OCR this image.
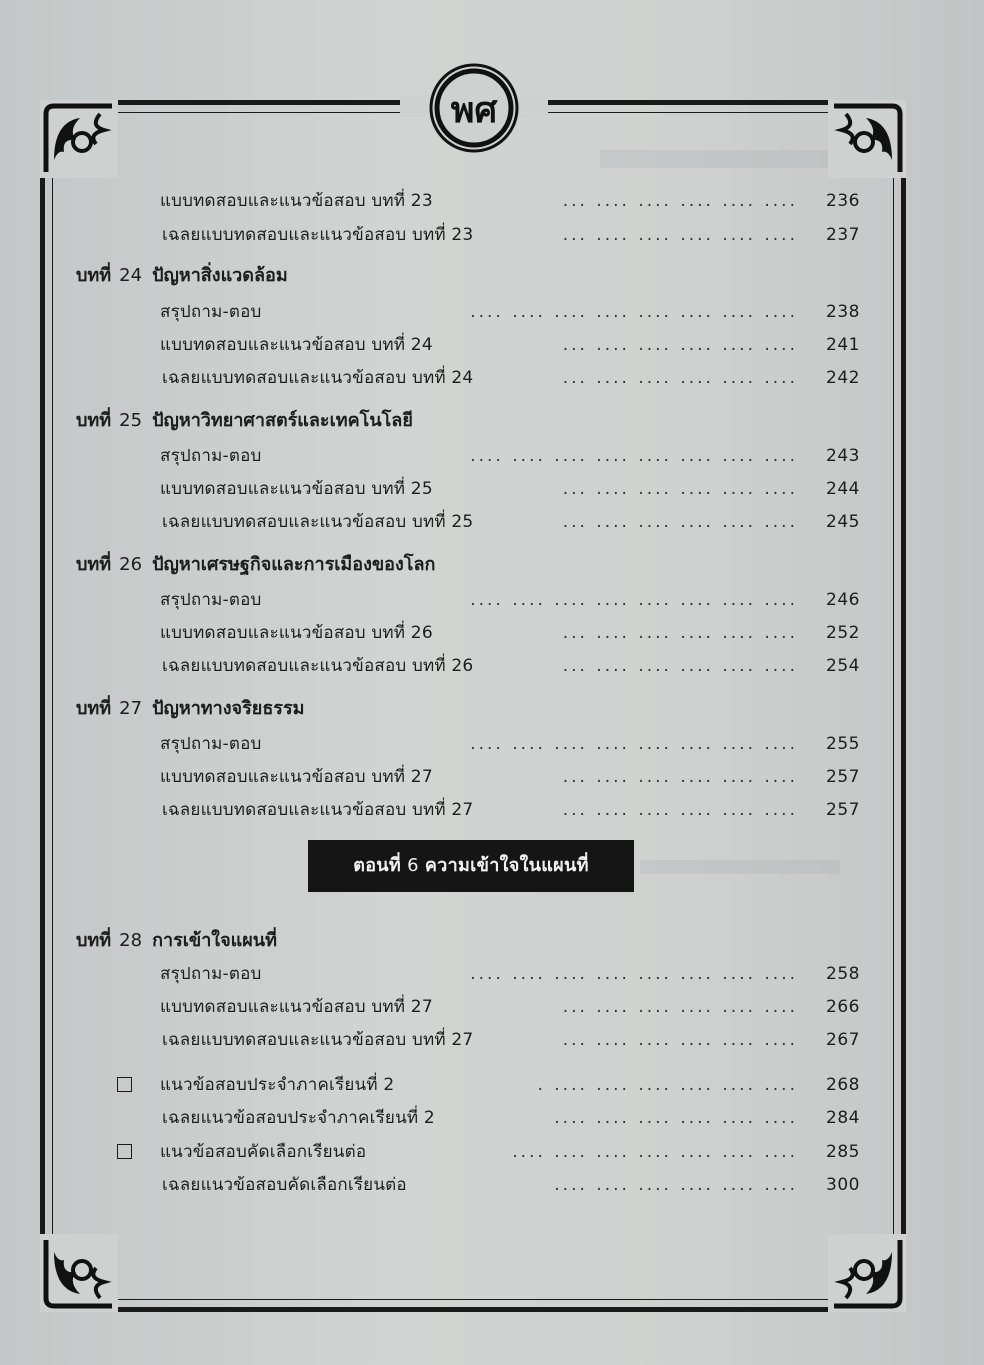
พศ
แบบทดสอบและแนวข้อสอบ บทที่ 23	... .... .... .... .... ....	236
เฉลยแบบทดสอบและแนวข้อสอบ บทที่ 23	... .... .... .... .... ....	237
บทที่ 24 ปัญหาสิ่งแวดล้อม
สรุปถาม-ตอบ	.... .... .... .... .... .... .... ....	238
แบบทดสอบและแนวข้อสอบ บทที่ 24	... .... .... .... .... ....	241
เฉลยแบบทดสอบและแนวข้อสอบ บทที่ 24	... .... .... .... .... ....	242
บทที่ 25 ปัญหาวิทยาศาสตร์และเทคโนโลยี
สรุปถาม-ตอบ	.... .... .... .... .... .... .... ....	243
แบบทดสอบและแนวข้อสอบ บทที่ 25	... .... .... .... .... ....	244
เฉลยแบบทดสอบและแนวข้อสอบ บทที่ 25	... .... .... .... .... ....	245
บทที่ 26 ปัญหาเศรษฐกิจและการเมืองของโลก
สรุปถาม-ตอบ	.... .... .... .... .... .... .... ....	246
แบบทดสอบและแนวข้อสอบ บทที่ 26	... .... .... .... .... ....	252
เฉลยแบบทดสอบและแนวข้อสอบ บทที่ 26	... .... .... .... .... ....	254
บทที่ 27 ปัญหาทางจริยธรรม
สรุปถาม-ตอบ	.... .... .... .... .... .... .... ....	255
แบบทดสอบและแนวข้อสอบ บทที่ 27	... .... .... .... .... ....	257
เฉลยแบบทดสอบและแนวข้อสอบ บทที่ 27	... .... .... .... .... ....	257
ตอนที่ 6 ความเข้าใจในแผนที่
บทที่ 28 การเข้าใจแผนที่
สรุปถาม-ตอบ	.... .... .... .... .... .... .... ....	258
แบบทดสอบและแนวข้อสอบ บทที่ 27	... .... .... .... .... ....	266
เฉลยแบบทดสอบและแนวข้อสอบ บทที่ 27	... .... .... .... .... ....	267
แนวข้อสอบประจำภาคเรียนที่ 2	. .... .... .... .... .... ....	268
เฉลยแนวข้อสอบประจำภาคเรียนที่ 2	.... .... .... .... .... ....	284
แนวข้อสอบคัดเลือกเรียนต่อ	.... .... .... .... .... .... ....	285
เฉลยแนวข้อสอบคัดเลือกเรียนต่อ	.... .... .... .... .... ....	300
